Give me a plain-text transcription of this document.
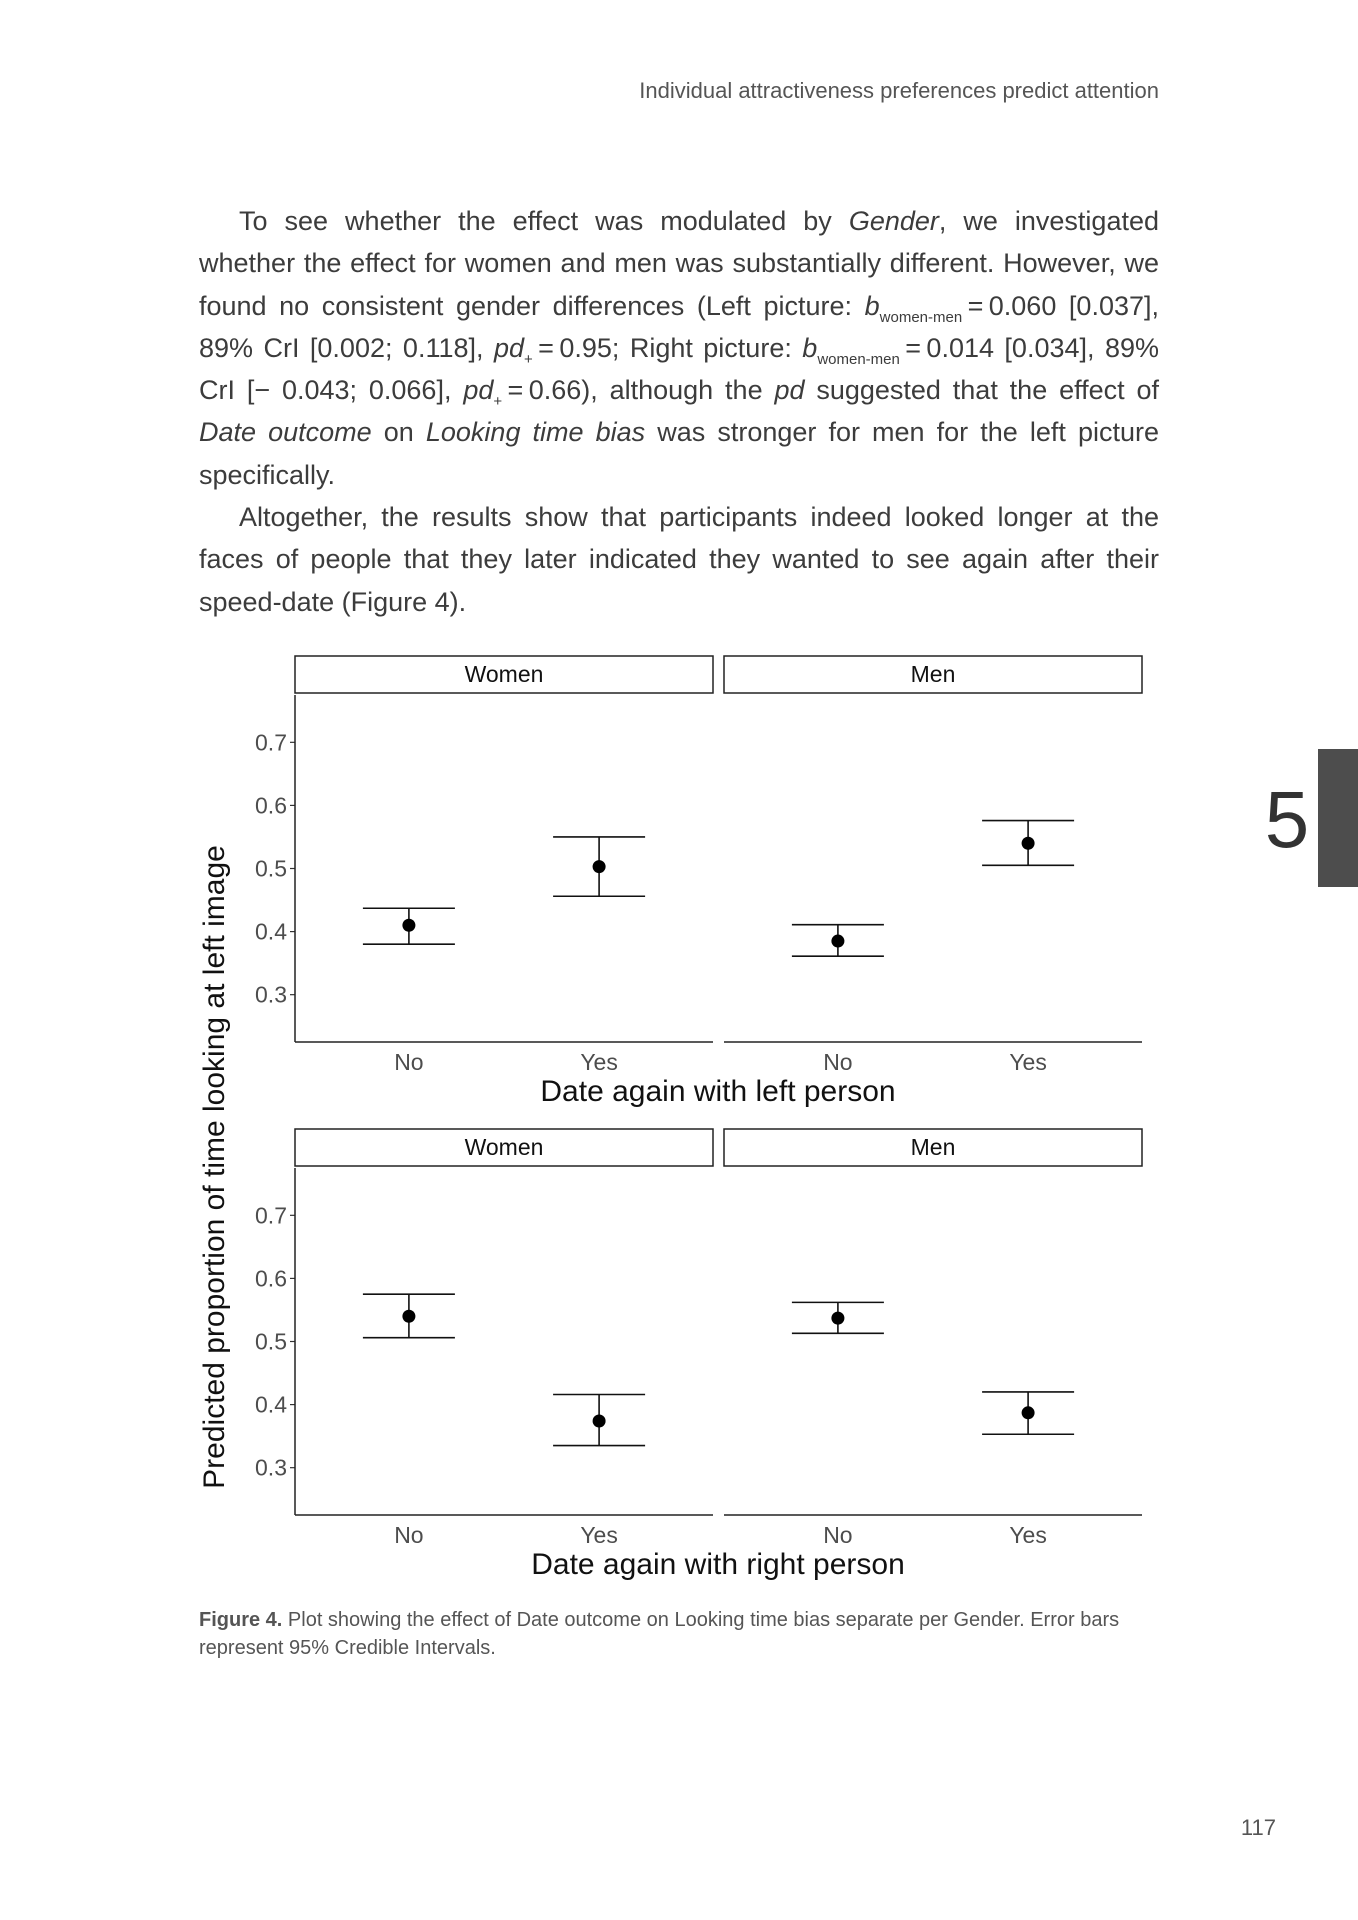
Individual attractiveness preferences predict attention

To see whether the effect was modulated by Gender, we investigated whether the effect for women and men was substantially different. However, we found no consistent gender differences (Left picture: $b_{women-men} = 0.060$ [0.037], 89% CrI [0.002; 0.118], $pd_+ = 0.95$; Right picture: $b_{women-men} = 0.014$ [0.034], 89% CrI [− 0.043; 0.066], $pd_+ = 0.66$), although the pd suggested that the effect of Date outcome on Looking time bias was stronger for men for the left picture specifically.

Altogether, the results show that participants indeed looked longer at the faces of people that they later indicated they wanted to see again after their speed-date (Figure 4).

5
0.3
0.4
0.5
0.6
0.7
Women
No	Yes
Men
No	Yes
Date again with left person
0.3
0.4
0.5
0.6
0.7
Women
No	Yes
Men
No	Yes
Date again with right person
Predicted proportion of time looking at left image
Figure 4. Plot showing the effect of Date outcome on Looking time bias separate per Gender. Error bars represent 95% Credible Intervals.
117
